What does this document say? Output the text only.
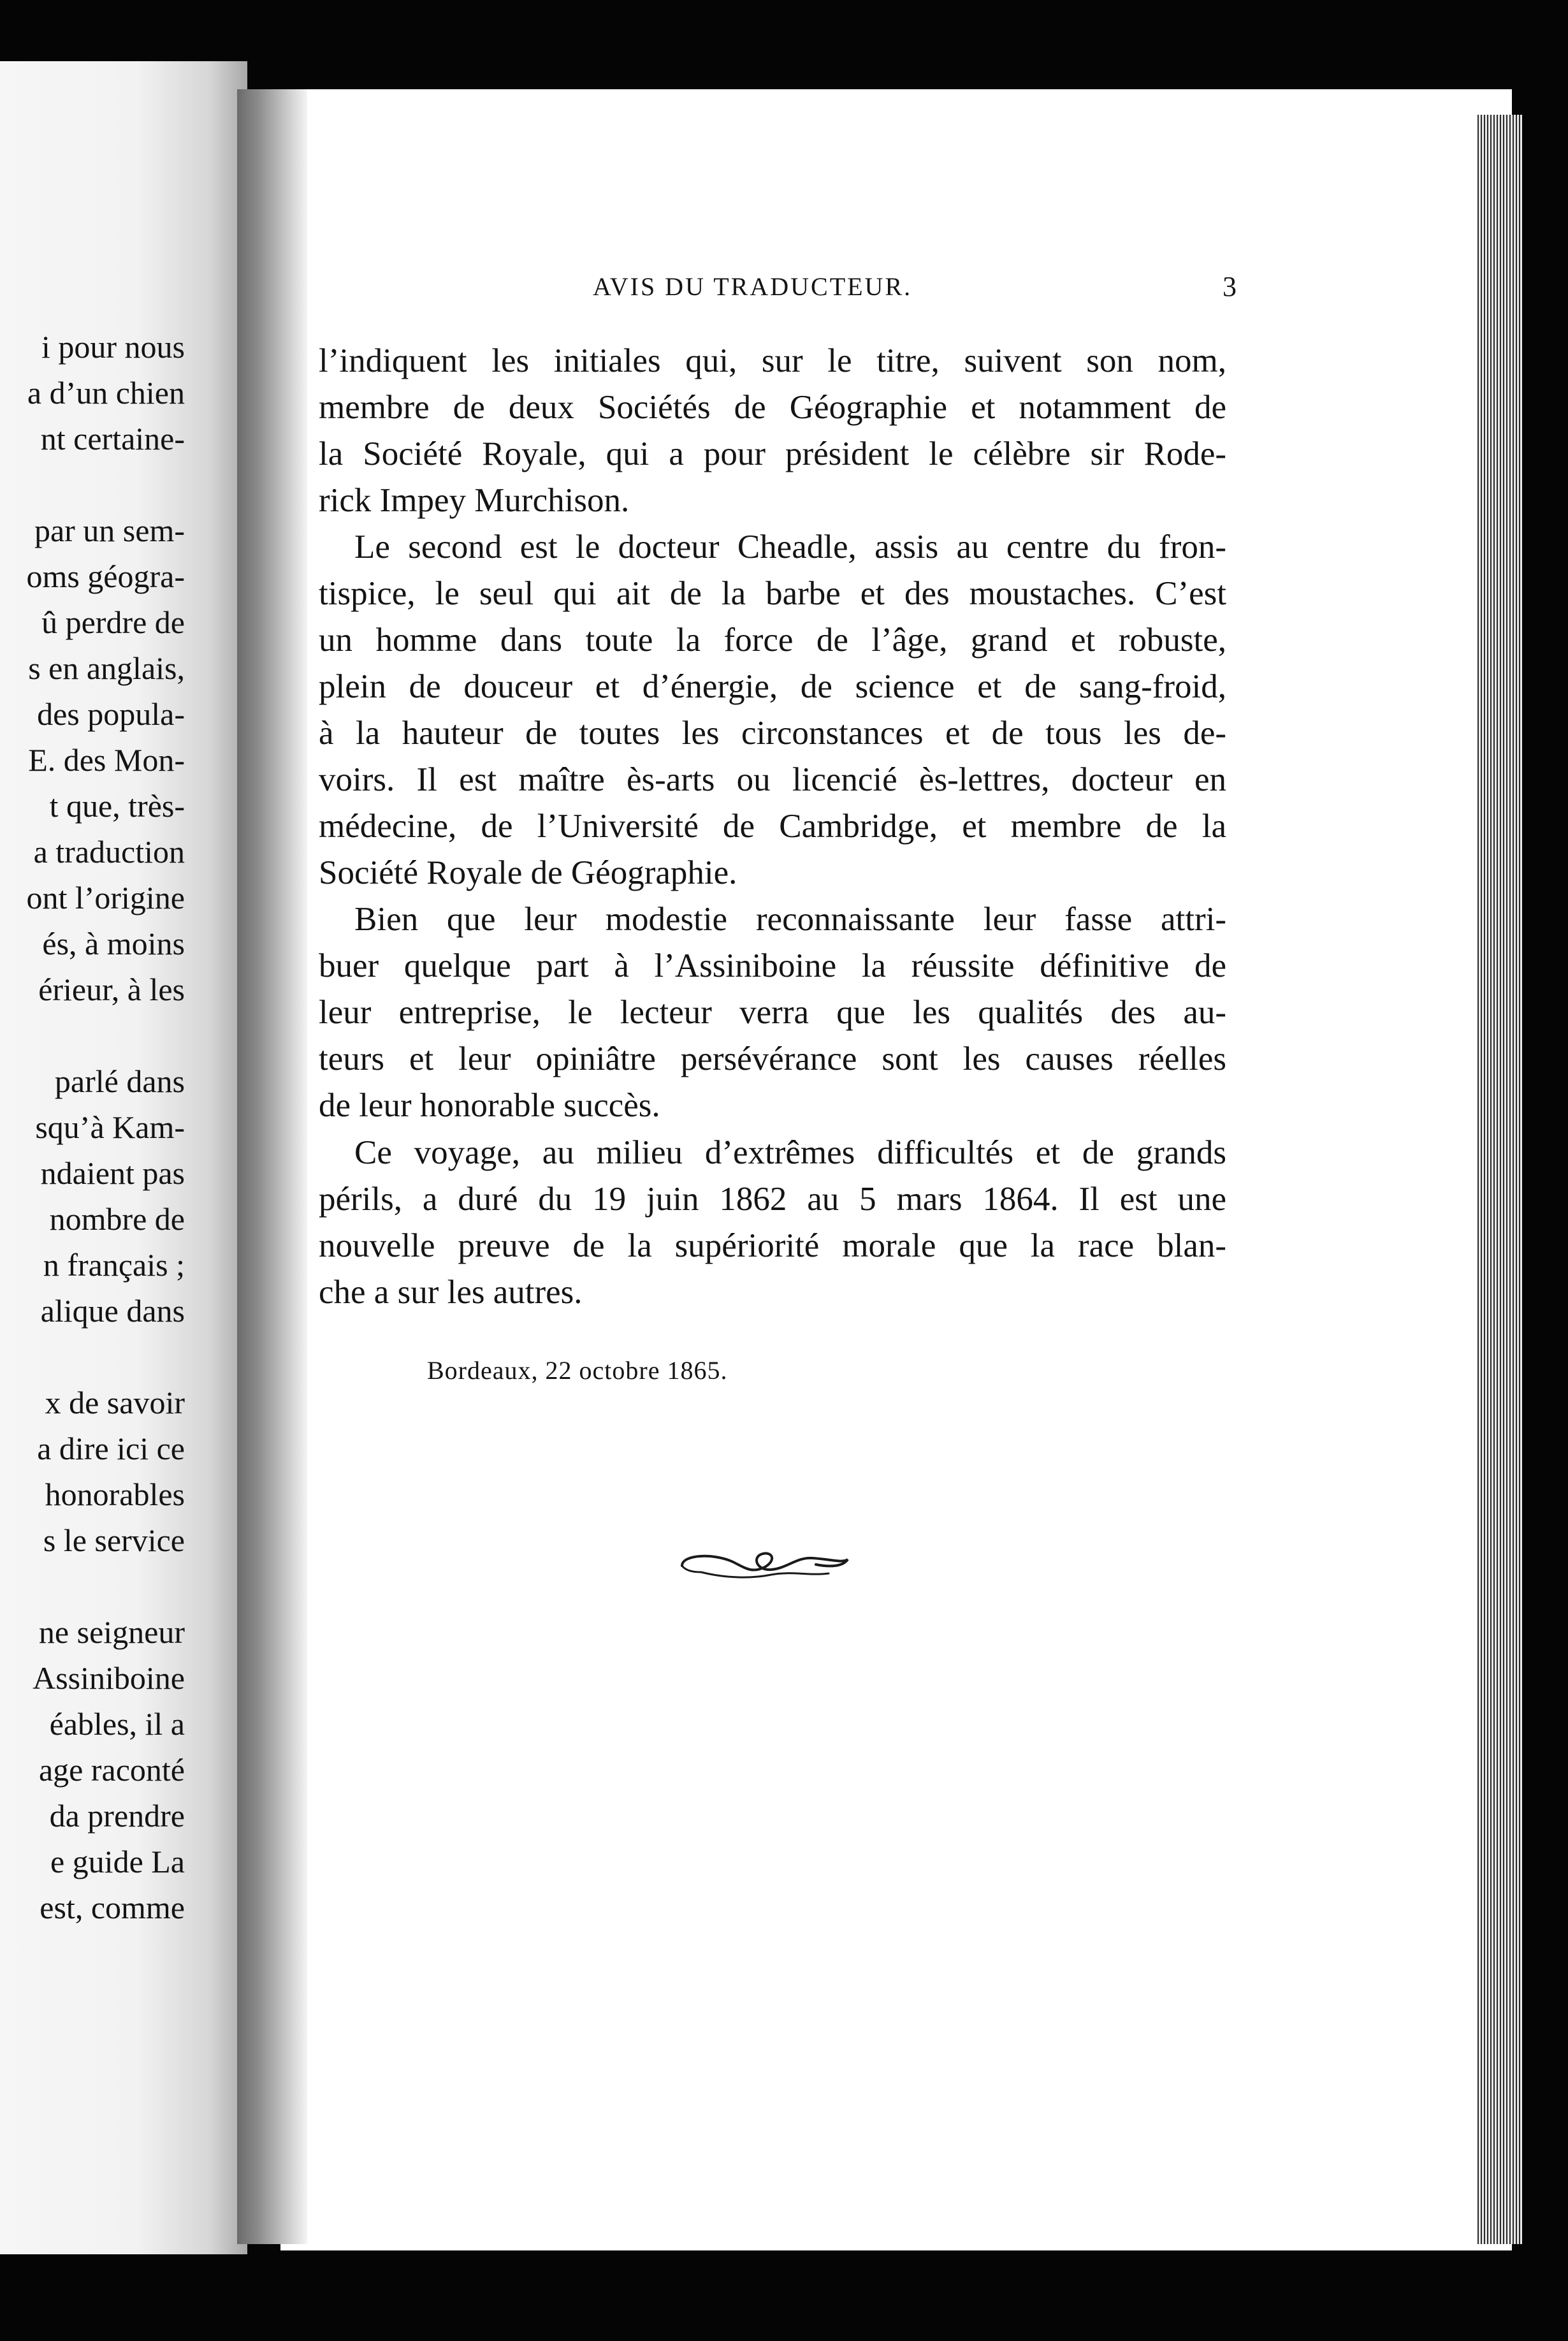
i pour nous
a d’un chien
nt certaine-
par un sem-
oms géogra-
û perdre de
s en anglais,
des popula-
E. des Mon-
t que, très-
a traduction
ont l’origine
és, à moins
érieur, à les
parlé dans
squ’à Kam-
ndaient pas
nombre de
n français ;
alique dans
x de savoir
a dire ici ce
honorables
s le service
ne seigneur
Assiniboine
éables, il a
age raconté
da prendre
e guide La
est, comme
AVIS DU TRADUCTEUR.	3
l’indiquent les initiales qui, sur le titre, suivent son nom,
membre de deux Sociétés de Géographie et notamment de
la Société Royale, qui a pour président le célèbre sir Rode-
rick Impey Murchison.
Le second est le docteur Cheadle, assis au centre du fron-
tispice, le seul qui ait de la barbe et des moustaches. C’est
un homme dans toute la force de l’âge, grand et robuste,
plein de douceur et d’énergie, de science et de sang-froid,
à la hauteur de toutes les circonstances et de tous les de-
voirs. Il est maître ès-arts ou licencié ès-lettres, docteur en
médecine, de l’Université de Cambridge, et membre de la
Société Royale de Géographie.
Bien que leur modestie reconnaissante leur fasse attri-
buer quelque part à l’Assiniboine la réussite définitive de
leur entreprise, le lecteur verra que les qualités des au-
teurs et leur opiniâtre persévérance sont les causes réelles
de leur honorable succès.
Ce voyage, au milieu d’extrêmes difficultés et de grands
périls, a duré du 19 juin 1862 au 5 mars 1864. Il est une
nouvelle preuve de la supériorité morale que la race blan-
che a sur les autres.
Bordeaux, 22 octobre 1865.
